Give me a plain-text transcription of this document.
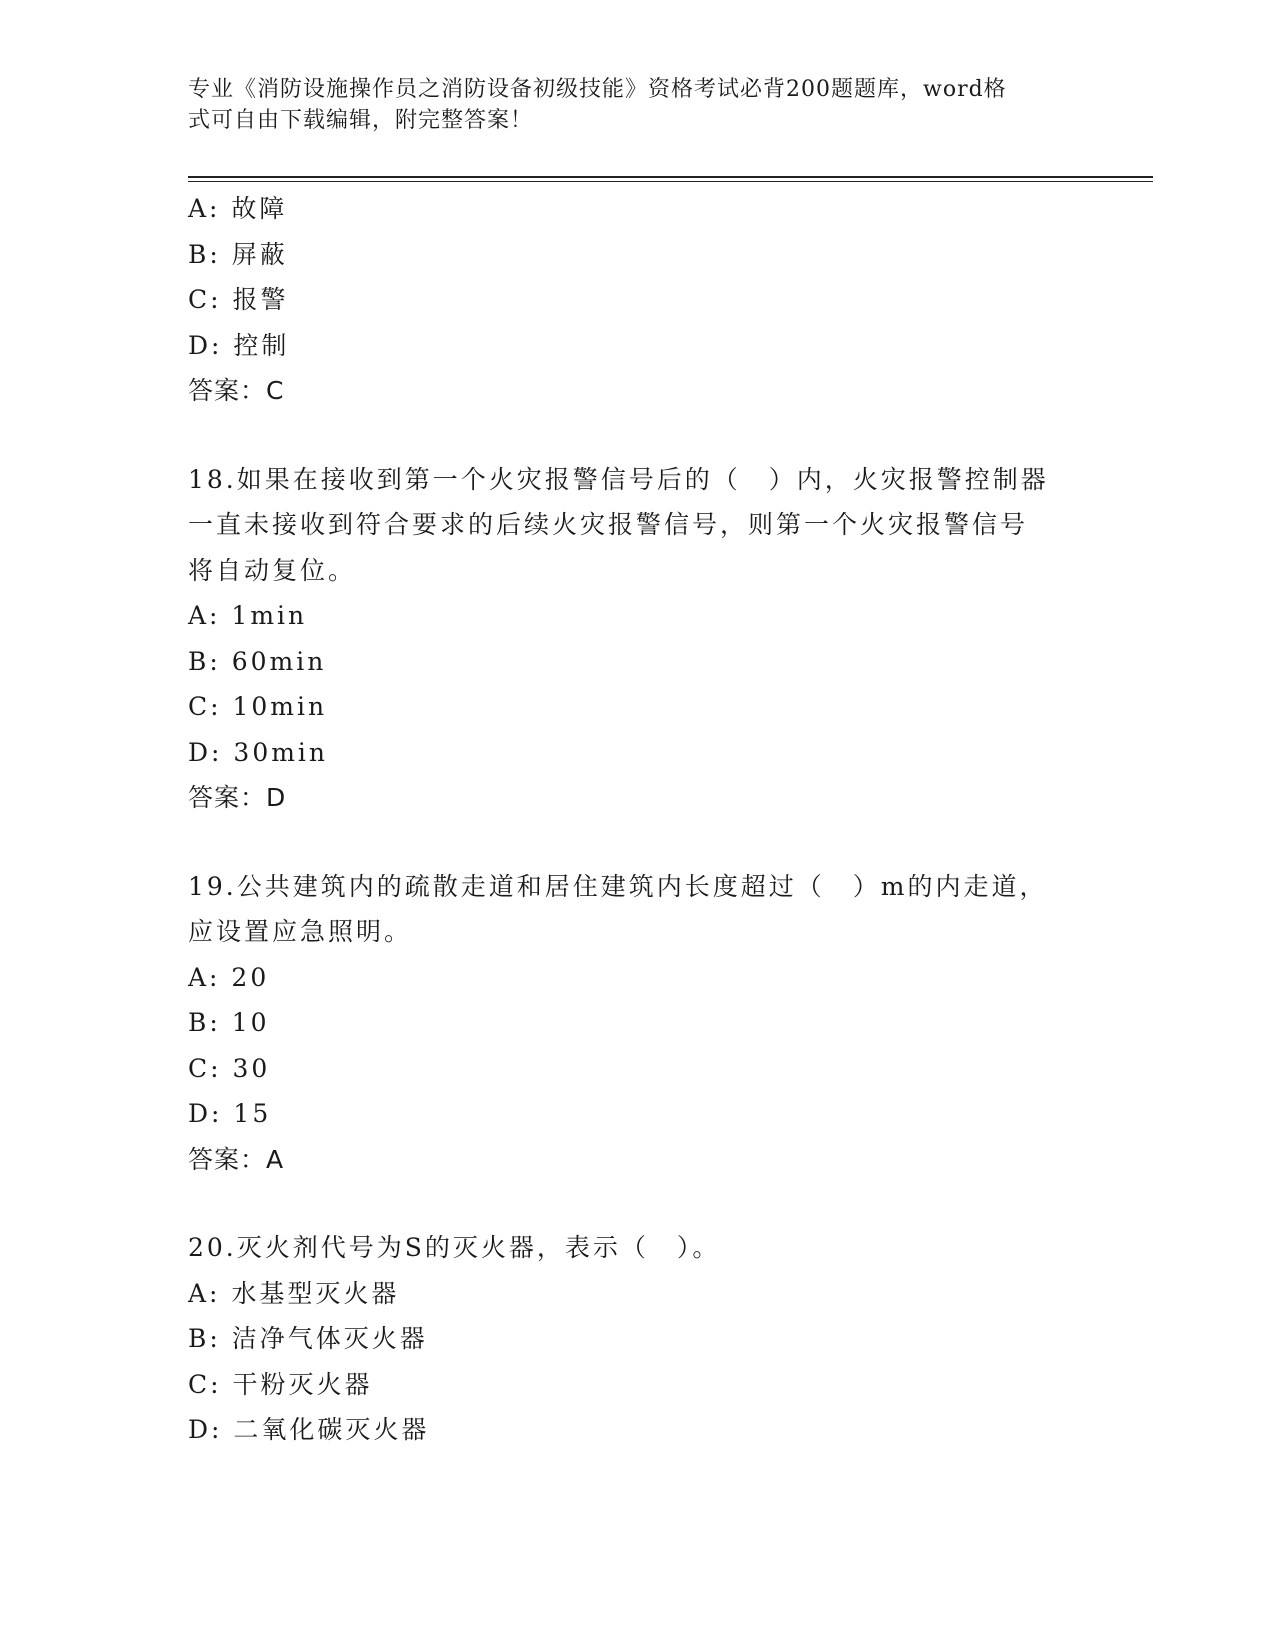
专业《消防设施操作员之消防设备初级技能》资格考试必背200题题库，word格
式可自由下载编辑，附完整答案！
A: 故障
B: 屏蔽
C: 报警
D: 控制
答案：C
18.如果在接收到第一个火灾报警信号后的（　）内，火灾报警控制器
一直未接收到符合要求的后续火灾报警信号，则第一个火灾报警信号
将自动复位。
A: 1min
B: 60min
C: 10min
D: 30min
答案：D
19.公共建筑内的疏散走道和居住建筑内长度超过（　）m的内走道，
应设置应急照明。
A: 20
B: 10
C: 30
D: 15
答案：A
20.灭火剂代号为S的灭火器，表示（　）。
A: 水基型灭火器
B: 洁净气体灭火器
C: 干粉灭火器
D: 二氧化碳灭火器
